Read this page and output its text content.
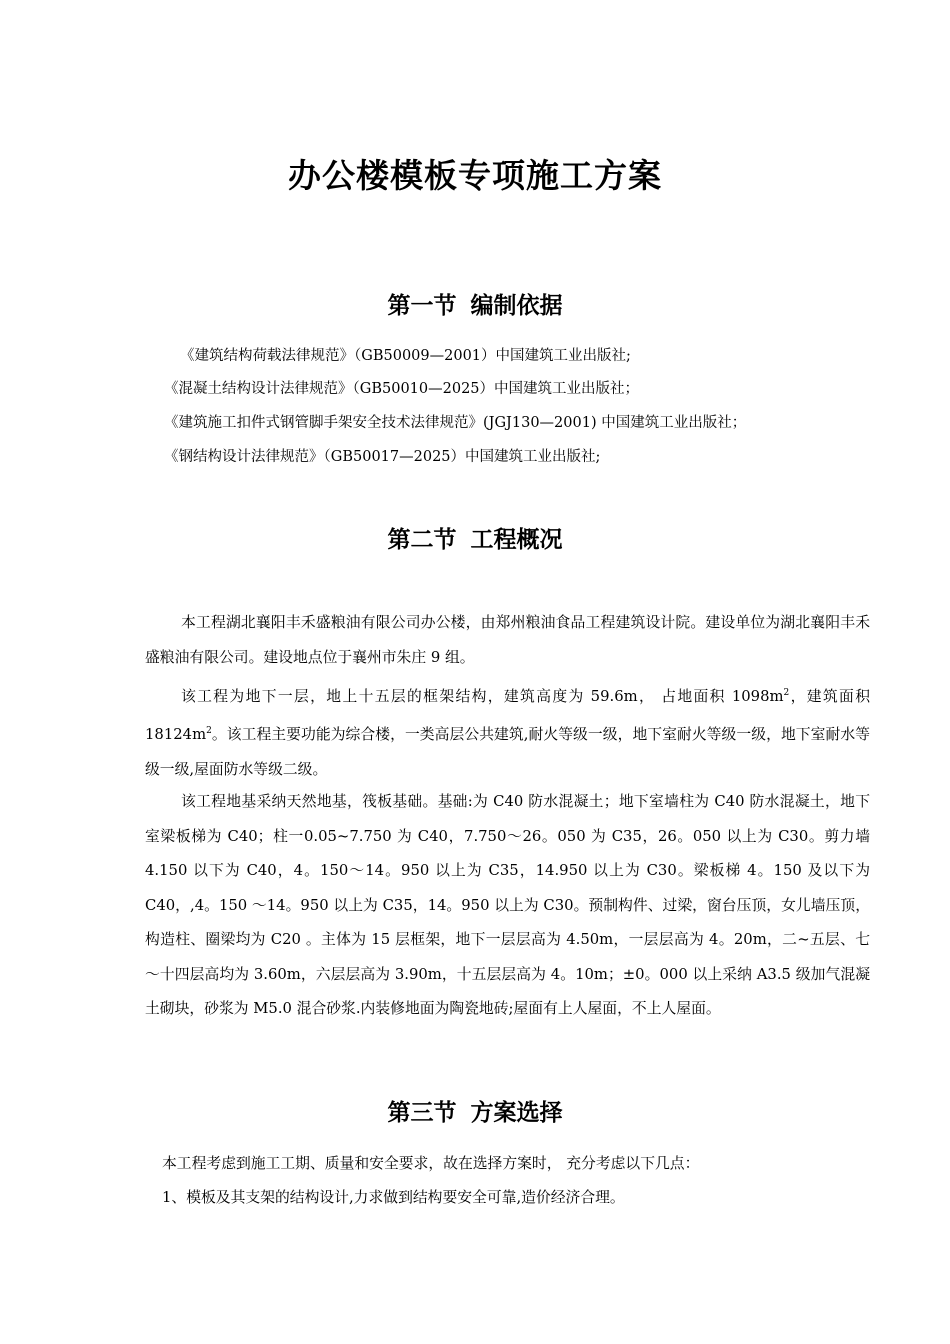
办公楼模板专项施工方案
第一节 编制依据
《建筑结构荷载法律规范》（GB50009—2001）中国建筑工业出版社;
《混凝土结构设计法律规范》（GB50010—2025）中国建筑工业出版社；
《建筑施工扣件式钢管脚手架安全技术法律规范》(JGJ130—2001) 中国建筑工业出版社；
《钢结构设计法律规范》（GB50017—2025）中国建筑工业出版社;
第二节 工程概况
本工程湖北襄阳丰禾盛粮油有限公司办公楼，由郑州粮油食品工程建筑设计院。建设单位为湖北襄阳丰禾盛粮油有限公司。建设地点位于襄州市朱庄 9 组。
该工程为地下一层，地上十五层的框架结构，建筑高度为 59.6m， 占地面积 $1098m^2$，建筑面积 $18124m^2$。该工程主要功能为综合楼，一类高层公共建筑,耐火等级一级，地下室耐火等级一级，地下室耐水等级一级,屋面防水等级二级。
该工程地基采纳天然地基，筏板基础。基础:为 C40 防水混凝土；地下室墙柱为 C40 防水混凝土，地下室梁板梯为 C40；柱一0.05~7.750 为 C40，7.750～26。050 为 C35，26。050 以上为 C30。剪力墙 4.150 以下为 C40，4。150～14。950 以上为 C35，14.950 以上为 C30。梁板梯 4。150 及以下为 C40，,4。150 ～14。950 以上为 C35，14。950 以上为 C30。预制构件、过梁，窗台压顶，女儿墙压顶，构造柱、圈梁均为 C20 。主体为 15 层框架，地下一层层高为 4.50m，一层层高为 4。20m，二~五层、七～十四层高均为 3.60m，六层层高为 3.90m，十五层层高为 4。10m；±0。000 以上采纳 A3.5 级加气混凝土砌块，砂浆为 M5.0 混合砂浆.内装修地面为陶瓷地砖;屋面有上人屋面，不上人屋面。
第三节 方案选择
本工程考虑到施工工期、质量和安全要求，故在选择方案时， 充分考虑以下几点：
1、模板及其支架的结构设计,力求做到结构要安全可靠,造价经济合理。
